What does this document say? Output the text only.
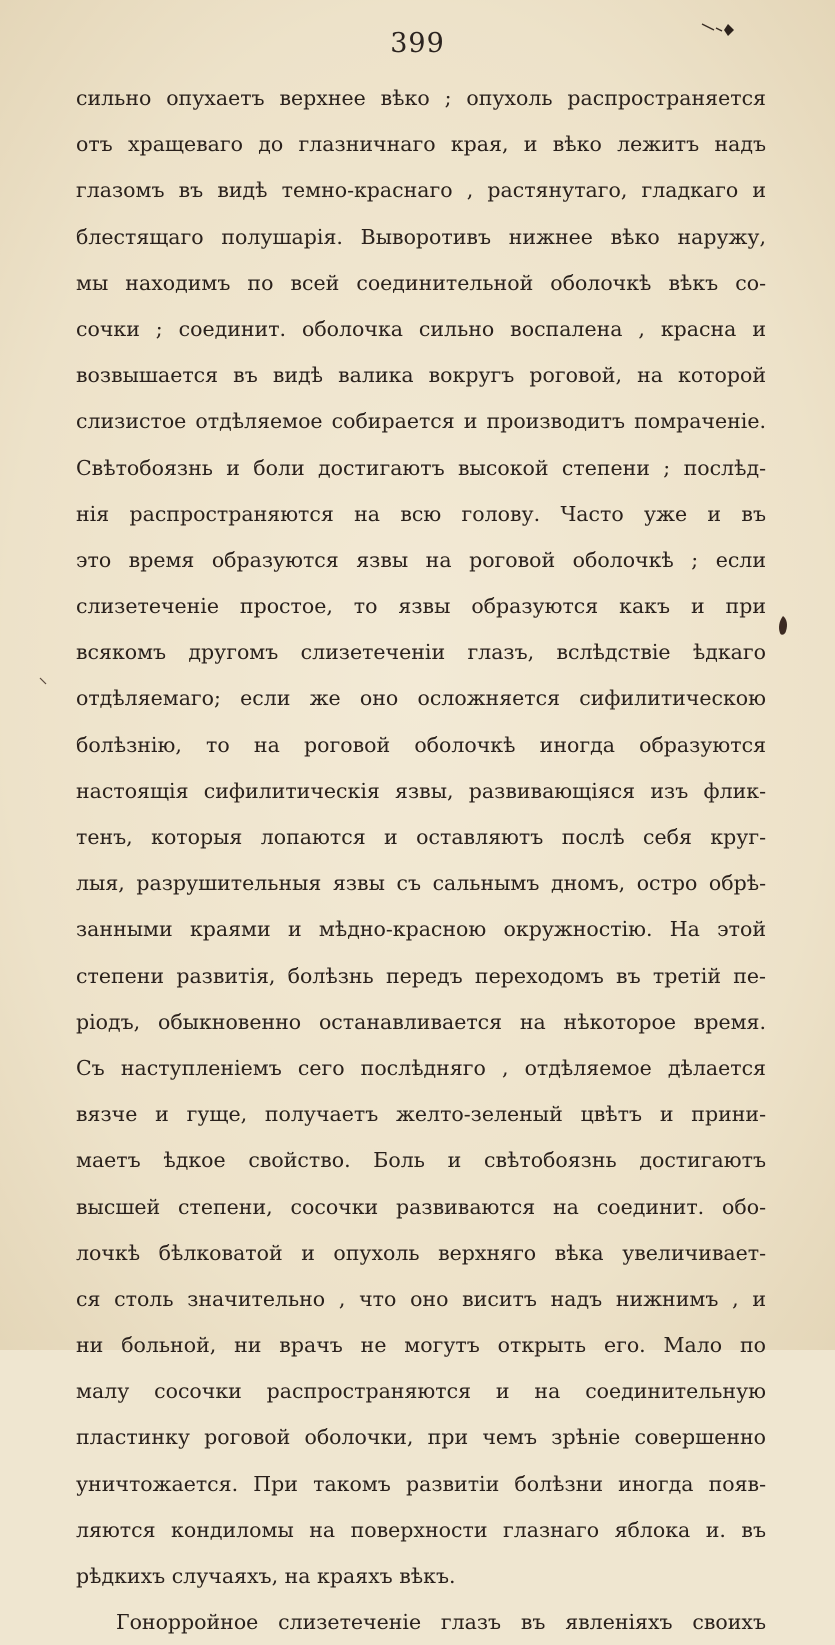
399
сильно опухаетъ верхнее вѣко ; опухоль распространяется
отъ хращеваго до глазничнаго края, и вѣко лежитъ надъ
глазомъ въ видѣ темно-краснаго , растянутаго, гладкаго и
блестящаго полушарія. Выворотивъ нижнее вѣко наружу,
мы находимъ по всей соединительной оболочкѣ вѣкъ со-
сочки ; соединит. оболочка сильно воспалена , красна и
возвышается въ видѣ валика вокругъ роговой, на которой
слизистое отдѣляемое собирается и производитъ помраченіе.
Свѣтобоязнь и боли достигаютъ высокой степени ; послѣд-
нія распространяются на всю голову. Часто уже и въ
это время образуются язвы на роговой оболочкѣ ; если
слизетеченіе простое, то язвы образуются какъ и при
всякомъ другомъ слизетеченіи глазъ, вслѣдствіе ѣдкаго
отдѣляемаго; если же оно осложняется сифилитическою
болѣзнію, то на роговой оболочкѣ иногда образуются
настоящія сифилитическія язвы, развивающіяся изъ флик-
тенъ, которыя лопаются и оставляютъ послѣ себя круг-
лыя, разрушительныя язвы съ сальнымъ дномъ, остро обрѣ-
занными краями и мѣдно-красною окружностію. На этой
степени развитія, болѣзнь передъ переходомъ въ третій пе-
ріодъ, обыкновенно останавливается на нѣкоторое время.
Съ наступленіемъ сего послѣдняго , отдѣляемое дѣлается
вязче и гуще, получаетъ желто-зеленый цвѣтъ и прини-
маетъ ѣдкое свойство. Боль и свѣтобоязнь достигаютъ
высшей степени, сосочки развиваются на соединит. обо-
лочкѣ бѣлковатой и опухоль верхняго вѣка увеличивает-
ся столь значительно , что оно виситъ надъ нижнимъ , и
ни больной, ни врачъ не могутъ открыть его. Мало по
малу сосочки распространяются и на соединительную
пластинку роговой оболочки, при чемъ зрѣніе совершенно
уничтожается. При такомъ развитіи болѣзни иногда появ-
ляются кондиломы на поверхности глазнаго яблока и. въ
рѣдкихъ случаяхъ, на краяхъ вѣкъ.
Гонорройное слизетеченіе глазъ въ явленіяхъ своихъ
